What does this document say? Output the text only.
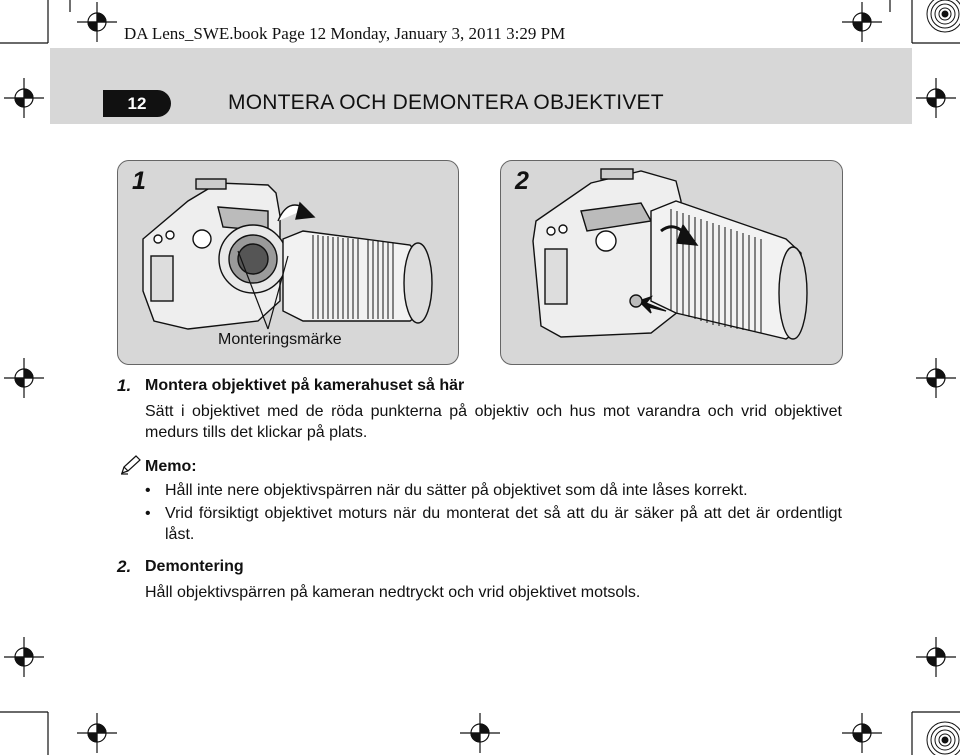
DA Lens_SWE.book Page 12 Monday, January 3, 2011 3:29 PM
12	MONTERA OCH DEMONTERA OBJEKTIVET
1
Monteringsmärke
2
1. Montera objektivet på kamerahuset så här
Sätt i objektivet med de röda punkterna på objektiv och hus mot varandra och vrid objektivet medurs tills det klickar på plats.
Memo:
• Håll inte nere objektivspärren när du sätter på objektivet som då inte låses korrekt.
• Vrid försiktigt objektivet moturs när du monterat det så att du är säker på att det är ordentligt låst.
2. Demontering
Håll objektivspärren på kameran nedtryckt och vrid objektivet motsols.
